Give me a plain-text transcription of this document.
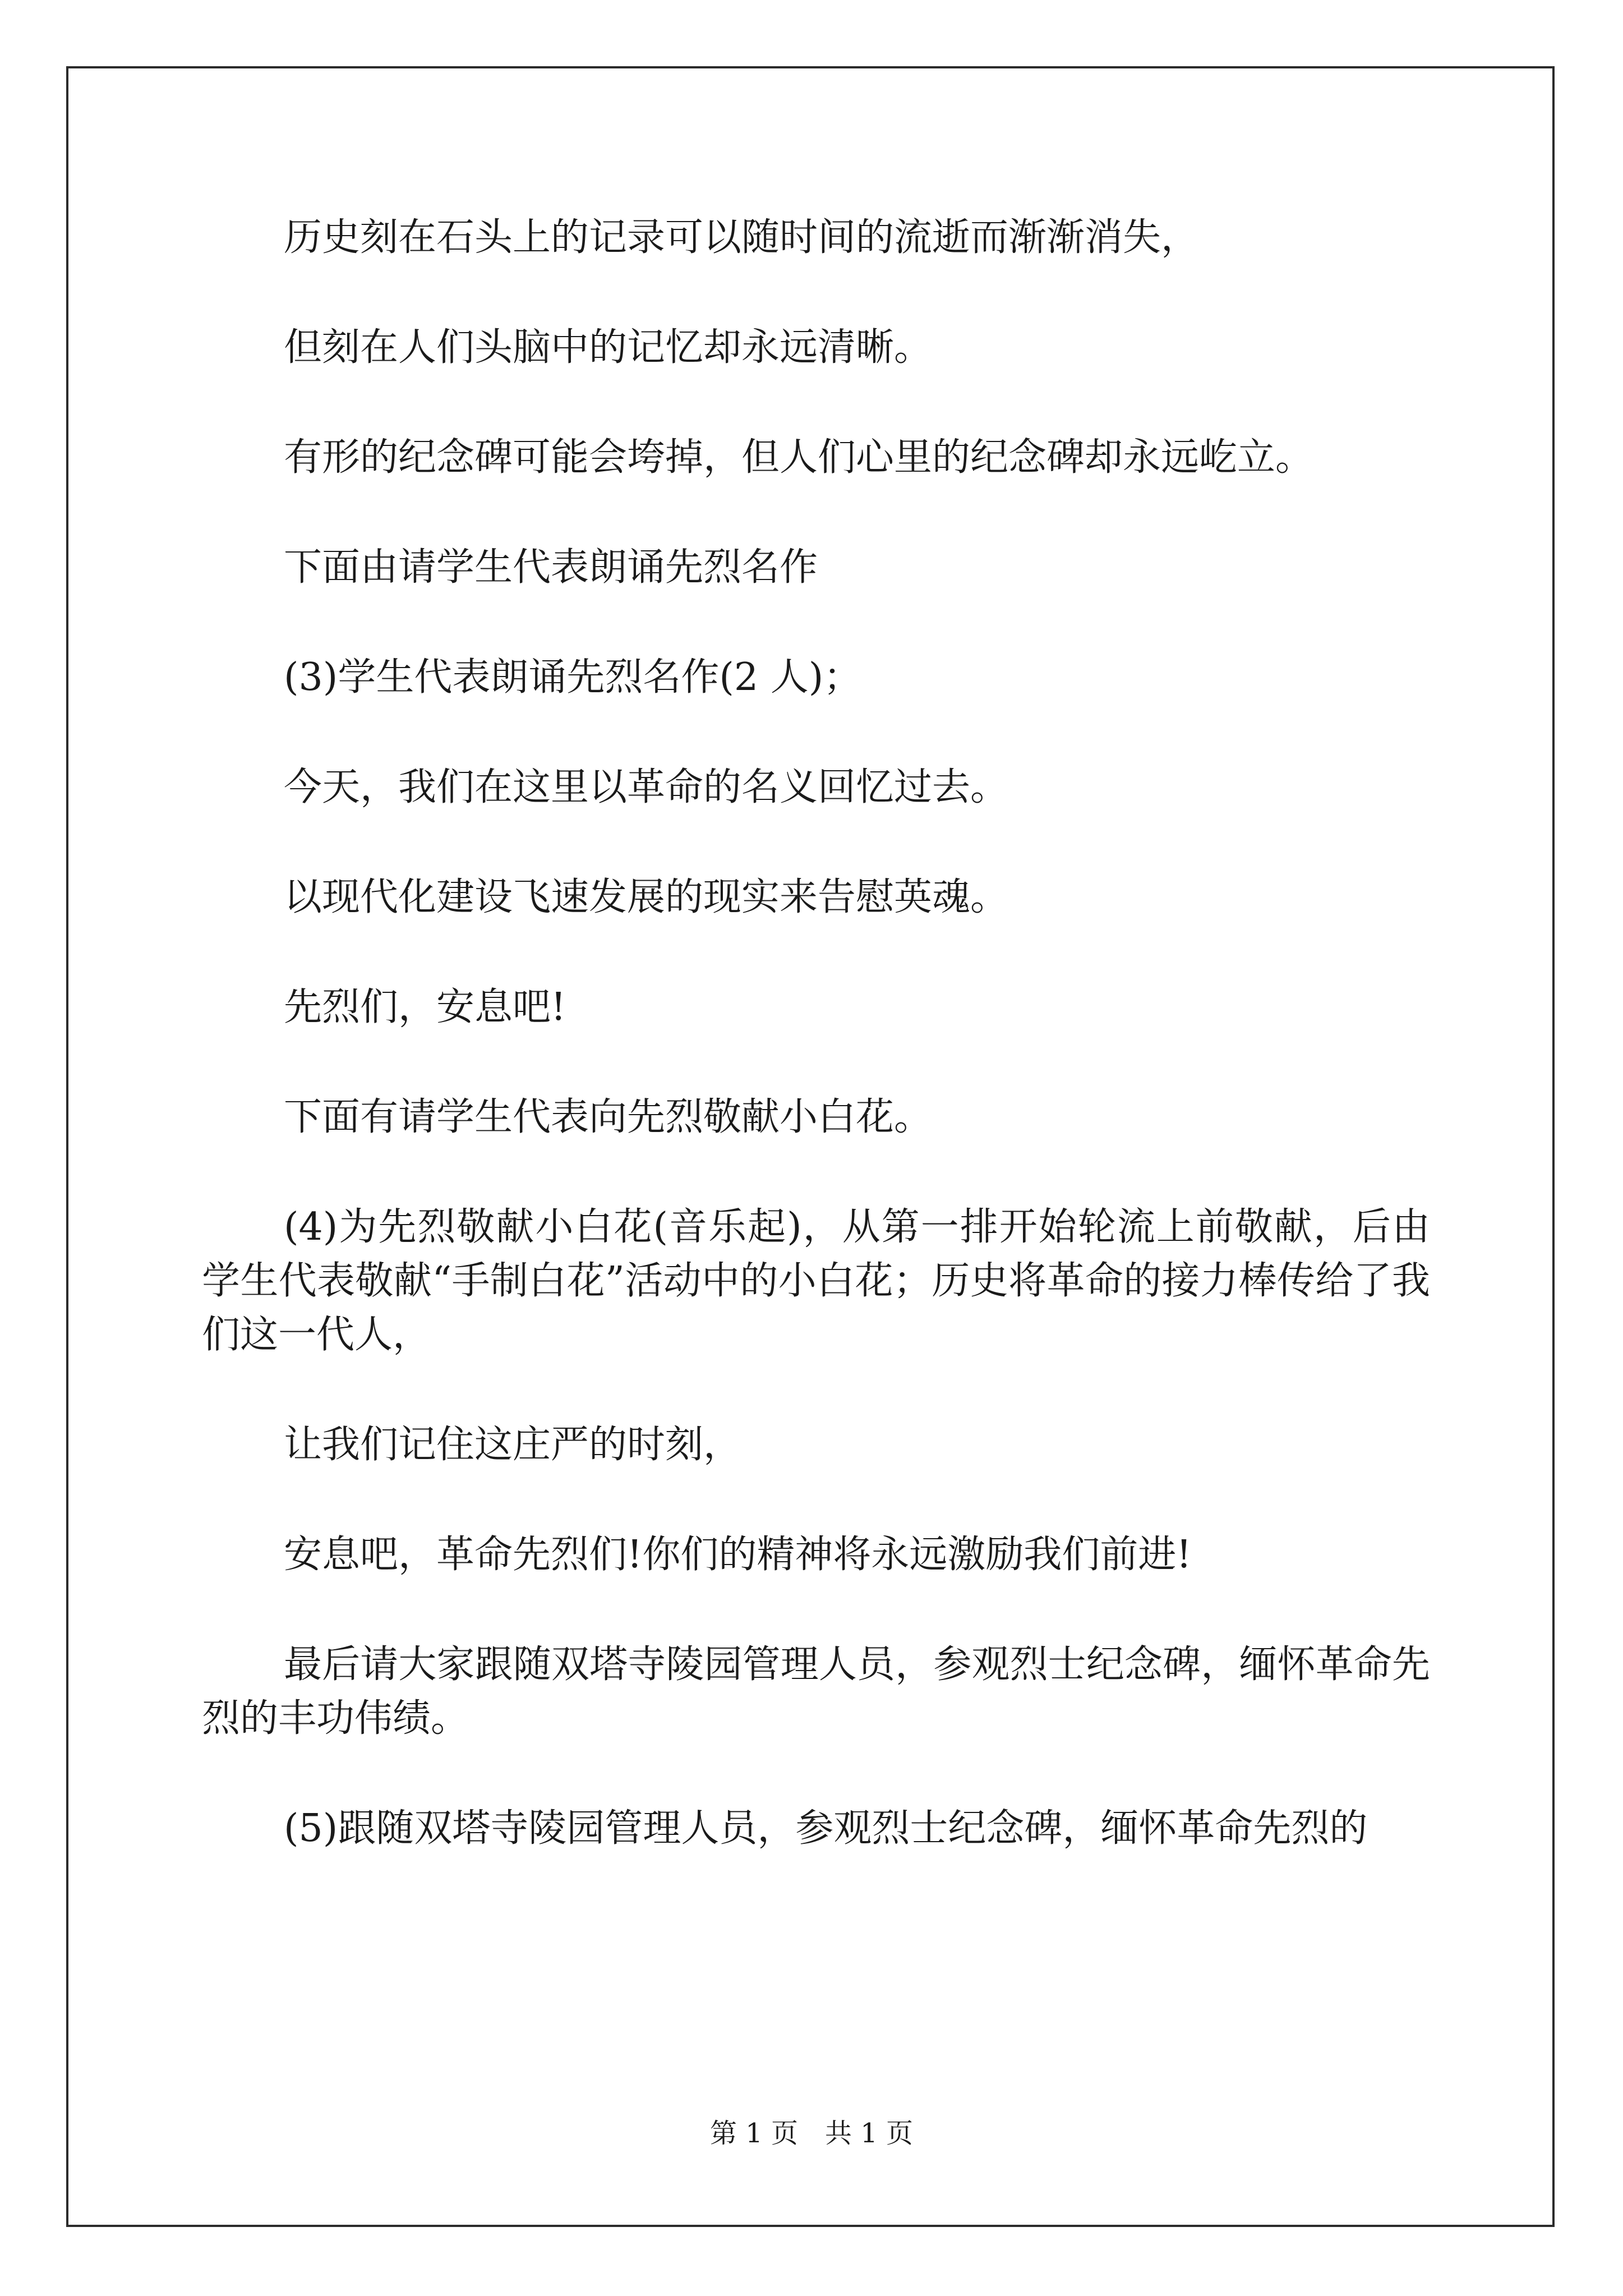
历史刻在石头上的记录可以随时间的流逝而渐渐消失，

但刻在人们头脑中的记忆却永远清晰。

有形的纪念碑可能会垮掉，但人们心里的纪念碑却永远屹立。

下面由请学生代表朗诵先烈名作

(3)学生代表朗诵先烈名作(2 人)；

今天，我们在这里以革命的名义回忆过去。

以现代化建设飞速发展的现实来告慰英魂。

先烈们，安息吧!

下面有请学生代表向先烈敬献小白花。

(4)为先烈敬献小白花(音乐起)，从第一排开始轮流上前敬献，后由学生代表敬献“手制白花”活动中的小白花；历史将革命的接力棒传给了我们这一代人，

让我们记住这庄严的时刻，

安息吧，革命先烈们!你们的精神将永远激励我们前进!

最后请大家跟随双塔寺陵园管理人员，参观烈士纪念碑，缅怀革命先烈的丰功伟绩。

(5)跟随双塔寺陵园管理人员，参观烈士纪念碑，缅怀革命先烈的

第 1 页　共 1 页
